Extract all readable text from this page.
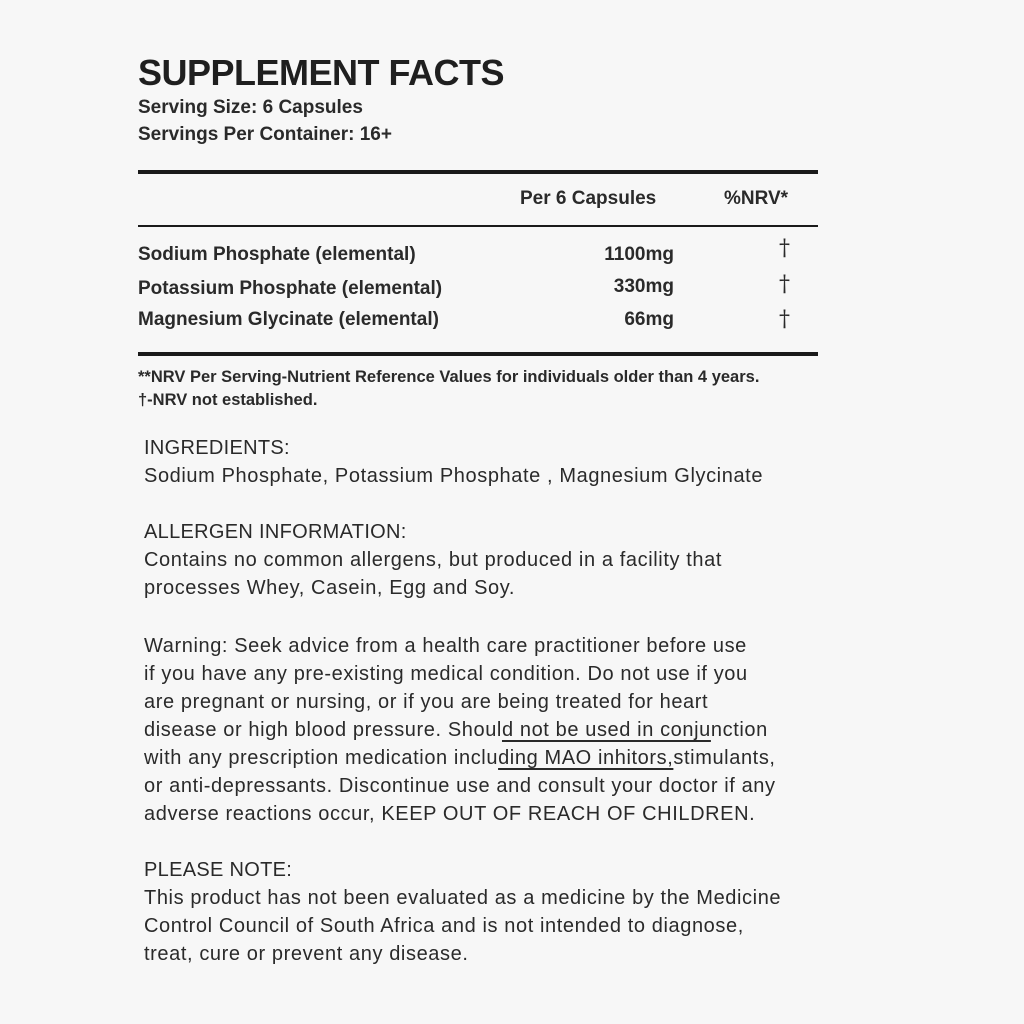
SUPPLEMENT FACTS
Serving Size: 6 Capsules
Servings Per Container: 16+
Per 6 Capsules	%NRV*
Sodium Phosphate (elemental)	1100mg	†
Potassium Phosphate (elemental)	330mg	†
Magnesium Glycinate (elemental)	66mg	†
**NRV Per Serving-Nutrient Reference Values for individuals older than 4 years.
†-NRV not established.

INGREDIENTS:

Sodium Phosphate, Potassium Phosphate , Magnesium Glycinate

ALLERGEN INFORMATION:

Contains no common allergens, but produced in a facility that

processes Whey, Casein, Egg and Soy.

Warning: Seek advice from a health care practitioner before use

if you have any pre-existing medical condition. Do not use if you

are pregnant or nursing, or if you are being treated for heart

disease or high blood pressure. Should not be used in conjunction

with any prescription medication including MAO inhitors,stimulants,

or anti-depressants. Discontinue use and consult your doctor if any

adverse reactions occur, KEEP OUT OF REACH OF CHILDREN.

PLEASE NOTE:

This product has not been evaluated as a medicine by the Medicine

Control Council of South Africa and is not intended to diagnose,

treat, cure or prevent any disease.
